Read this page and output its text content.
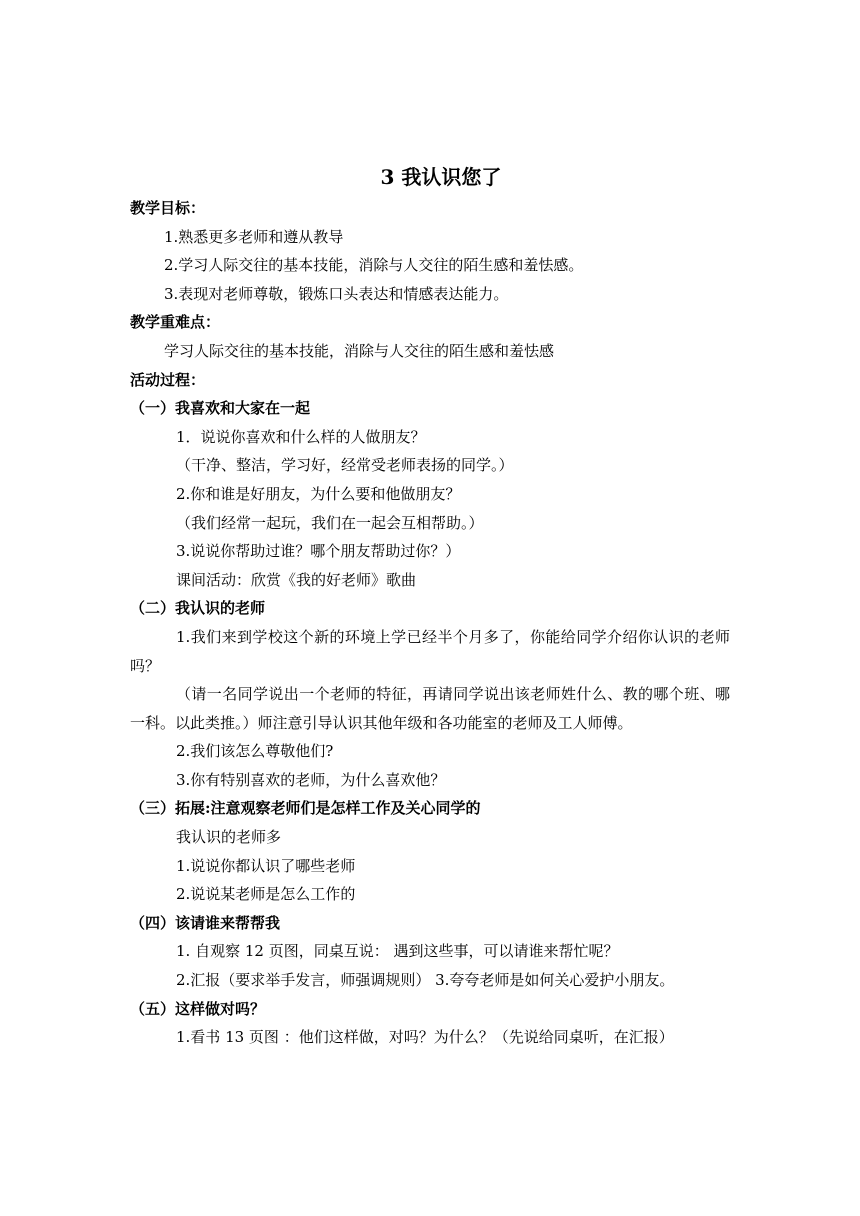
3 我认识您了
教学目标：
1.熟悉更多老师和遵从教导
2.学习人际交往的基本技能，消除与人交往的陌生感和羞怯感。
3.表现对老师尊敬，锻炼口头表达和情感表达能力。
教学重难点：
学习人际交往的基本技能，消除与人交往的陌生感和羞怯感
活动过程：
（一）我喜欢和大家在一起
1．说说你喜欢和什么样的人做朋友？
（干净、整洁，学习好，经常受老师表扬的同学。）
2.你和谁是好朋友，为什么要和他做朋友？
（我们经常一起玩，我们在一起会互相帮助。）
3.说说你帮助过谁？哪个朋友帮助过你？）
课间活动：欣赏《我的好老师》歌曲
（二）我认识的老师
1.我们来到学校这个新的环境上学已经半个月多了，你能给同学介绍你认识的老师吗？
（请一名同学说出一个老师的特征，再请同学说出该老师姓什么、教的哪个班、哪一科。以此类推。）师注意引导认识其他年级和各功能室的老师及工人师傅。
2.我们该怎么尊敬他们?
3.你有特别喜欢的老师，为什么喜欢他？
（三）拓展:注意观察老师们是怎样工作及关心同学的
我认识的老师多
1.说说你都认识了哪些老师
2.说说某老师是怎么工作的
（四）该请谁来帮帮我
1. 自观察 12 页图，同桌互说： 遇到这些事，可以请谁来帮忙呢？
2.汇报（要求举手发言，师强调规则） 3.夸夸老师是如何关心爱护小朋友。
（五）这样做对吗？
1.看书 13 页图 ：他们这样做，对吗？为什么？（先说给同桌听，在汇报）
